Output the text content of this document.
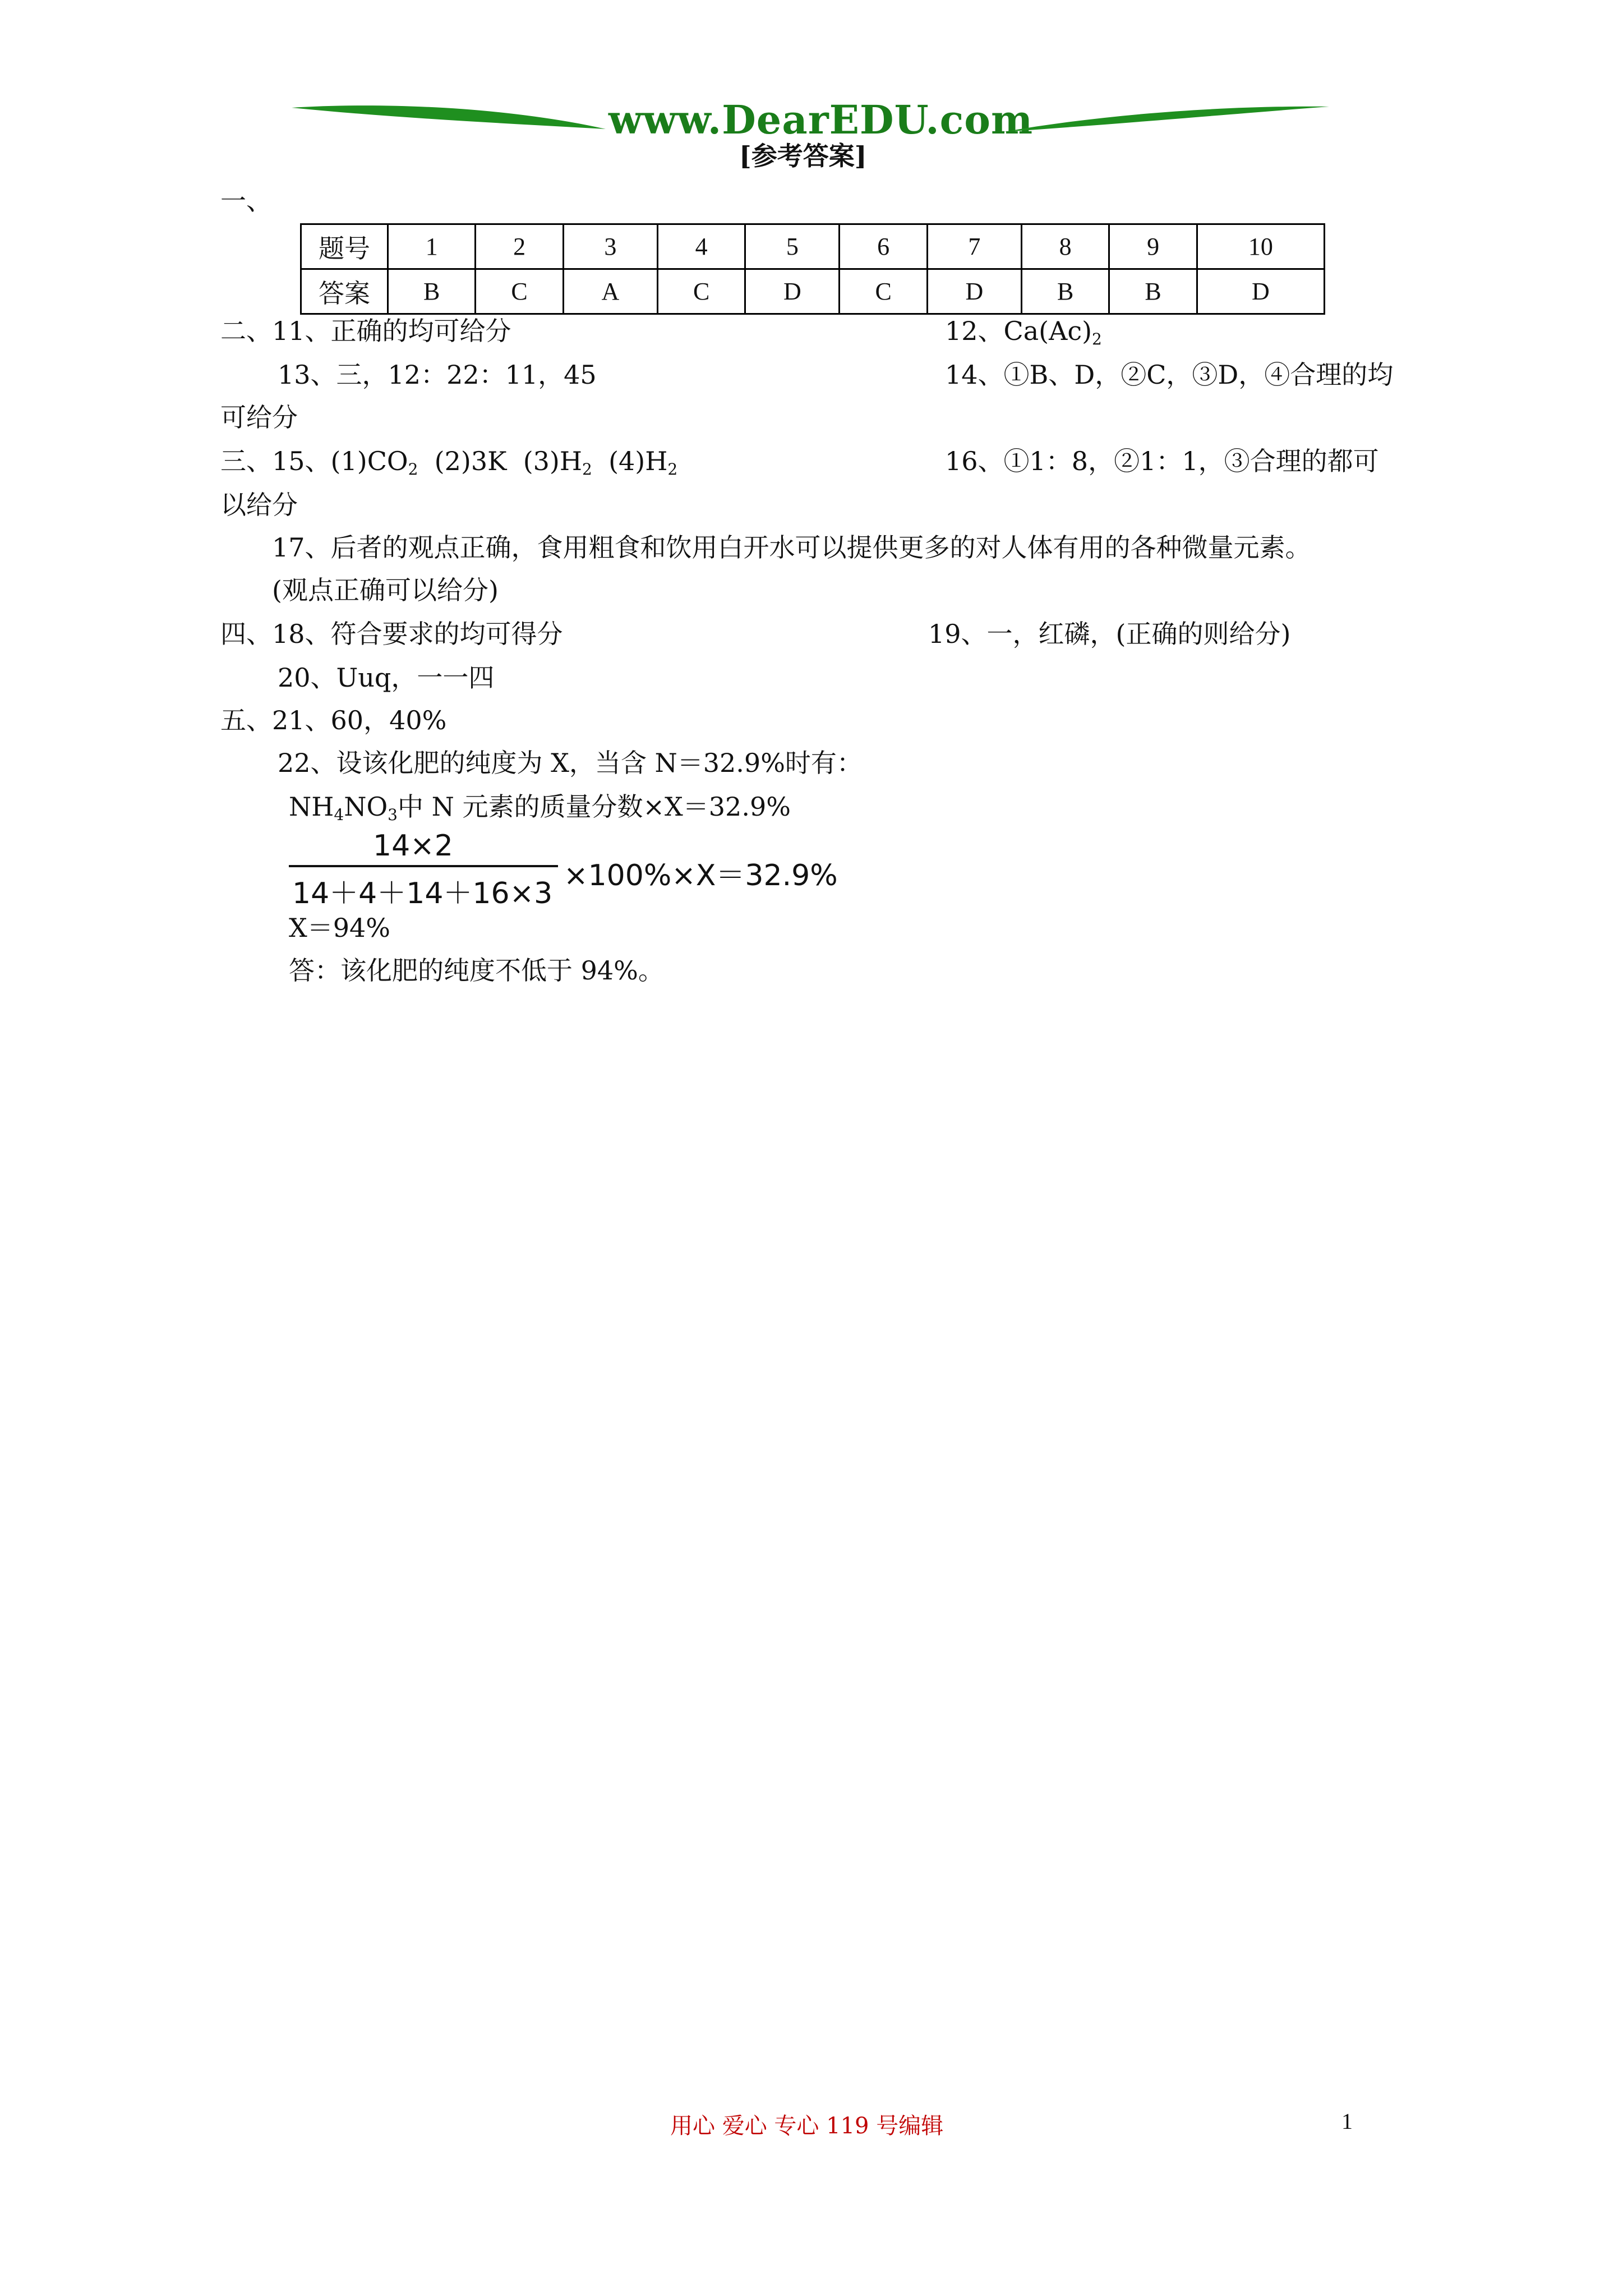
www.DearEDU.com
[参考答案]
一、
题号	1	2	3	4	5	6	7	8	9	10
答案	B	C	A	C	D	C	D	B	B	D
二、11、正确的均可给分	12、$Ca(Ac)_2$
13、三，12：22：11，45	14、①B、D，②C，③D，④合理的均
可给分
三、15、$(1)CO_2$  (2)3K  $(3)H_2$  $(4)H_2$	16、①1：8，②1：1，③合理的都可
以给分
17、后者的观点正确，食用粗食和饮用白开水可以提供更多的对人体有用的各种微量元素。
(观点正确可以给分)
四、18、符合要求的均可得分	19、一，红磷，(正确的则给分)
20、Uuq，一一四
五、21、60，40%
22、设该化肥的纯度为 X，当含 N＝32.9%时有：
$NH_4NO_3$中 N 元素的质量分数×X＝32.9%
14×2
14＋4＋14＋16×3
×100%×X＝32.9%
X＝94%
答：该化肥的纯度不低于 94%。
用心 爱心 专心 119 号编辑	1
